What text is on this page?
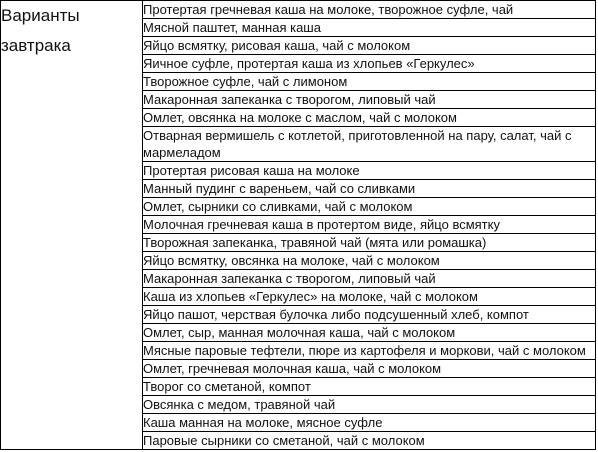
Варианты
завтрака
	Протертая гречневая каша на молоке, творожное суфле, чай
Мясной паштет, манная каша
Яйцо всмятку, рисовая каша, чай с молоком
Яичное суфле, протертая каша из хлопьев «Геркулес»
Творожное суфле, чай с лимоном
Макаронная запеканка с творогом, липовый чай
Омлет, овсянка на молоке с маслом, чай с молоком
Отварная вермишель с котлетой, приготовленной на пару, салат, чай с мармеладом
Протертая рисовая каша на молоке
Манный пудинг с вареньем, чай со сливками
Омлет, сырники со сливками, чай с молоком
Молочная гречневая каша в протертом виде, яйцо всмятку
Творожная запеканка, травяной чай (мята или ромашка)
Яйцо всмятку, овсянка на молоке, чай с молоком
Макаронная запеканка с творогом, липовый чай
Каша из хлопьев «Геркулес» на молоке, чай с молоком
Яйцо пашот, черствая булочка либо подсушенный хлеб, компот
Омлет, сыр, манная молочная каша, чай с молоком
Мясные паровые тефтели, пюре из картофеля и моркови, чай с молоком
Омлет, гречневая молочная каша, чай с молоком
Творог со сметаной, компот
Овсянка с медом, травяной чай
Каша манная на молоке, мясное суфле
Паровые сырники со сметаной, чай с молоком
